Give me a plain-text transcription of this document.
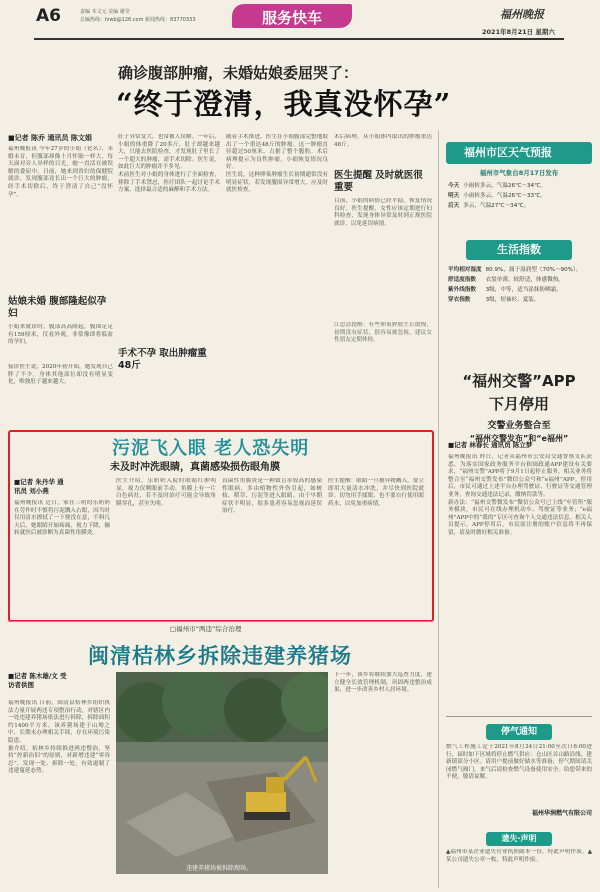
A6	责编 本文元 美编 谢莹
总编热线：fzwb@126.com 新闻热线：83770333	服务快车	福州晚报
2021年8月21日 星期六
确诊腹部肿瘤，未婚姑娘委屈哭了：
“终于澄清，我真没怀孕”
■记者 陈乔 通讯员 陈文娟
福州晚报讯 今年27岁的小娟（化名），未婚未育，但腹部却像十月怀胎一样大，每天面对旁人异样的目光，她一直活在被误解的委屈中。日前，她来到省妇幼保健院就诊，发现腹部竟长出一个巨大的肿瘤，经手术切除后，终于澄清了自己“没怀孕”。
姑娘未婚 腹部隆起似孕妇
小娟来就诊时，腹部高高隆起，腹围足足有159厘米，仅看外观，非常像即将临盆的孕妇。
接诊医生说，2020年初开始，她发现自己胖了不少，身体其他部位却没有明显变化，唯独肚子越来越大。
肚子异常变大，也常被人误解。一年后，小娟的体重降了20多斤，肚子却越来越大，只能去医院检查，才发现肚子里长了一个超大的肿瘤，需手术切除。医生说，如此巨大的肿瘤并不多见。
术前医生对小娟的身体进行了全面检查，排除了手术禁忌，医疗团队一起讨论手术方案，选择最合适的麻醉和手术方法。
手术不孕 取出肿瘤重48斤
随着手术推进，医生在小娟腹部完整地取出了一个重达48斤的肿瘤。这一肿瘤直径超过50厘米，占据了整个腹腔。术后病理提示为良性肿瘤，小娟恢复情况良好。
医生说，这种卵巢肿瘤生长初期通常没有明显症状，若发现腹围异常增大，应及时就医检查。
术后病理，从小娟体内取出的肿瘤重达48斤。
医生提醒 及时就医很重要
目前，小娟的病情已经平稳，恢复情况良好。医生提醒，女性应该定期进行妇科检查，发现身体异常及时到正规医院就诊，以免延误病情。
江忠清提醒：有些卵巢肿瘤生长缓慢，初期没有症状，很容易被忽视，建议女性朋友定期体检。
福州市区天气预报
福州市气象台8月17日发布
今天	小雨转多云，气温26℃～34℃。
明天	小雨转多云，气温26℃～33℃。
后天	多云，气温27℃～34℃。
生活指数
平均相对湿度	80.9%，属于湿润型（70%～90%）。
舒适度指数	衣裳单薄，较舒适，体感微热。
紫外线指数	3级，中等，适当涂抹防晒霜。
穿衣指数	3级，短袖衫、夏装。
“福州交警”APP
下月停用
交警业务整合至
“福州交警发布”和“e福州”
■记者 林春长 通讯员 陈立梦
福州晚报讯 昨日，记者从福州市公安局交通警察支队获悉，为落实国家政务服务平台和闽政通APP建设有关要求，“福州交警”APP将于9月1日起停止服务，相关业务将整合至“福州交警发布”微信公众号和“e福州”APP。停用后，市民可通过上述平台办理驾驶证、行驶证等交通管理业务，查询交通违法记录，缴纳罚款等。
新办法：“福州交警微发布”微信公众号已上线“车管所”服务模块，市民可在线办理机动车、驾驶证等业务；“e福州”APP中的“我的”专区可查询个人交通违法信息。相关人员提示，APP停用后，市民原注册的账户信息将不再保留，请及时做好相关准备。
污泥飞入眼 老人恐失明
未及时冲洗眼睛，真菌感染损伤眼角膜
■记者 朱丹华 通讯员 刘小燕
福州晚报讯 近日，家住三明的乐奶奶在劳作时不慎将污泥溅入右眼，因当时仅用清水擦拭了一下便没在意，不料几天后，她眼睛开始疼痛、视力下降，辗转就医后被诊断为真菌性角膜炎。
医生介绍，乐奶奶入院时眼睛红肿明显，视力仅剩眼前手动，角膜上有一片白色病灶，若不及时治疗可能会导致角膜穿孔，甚至失明。
真菌性角膜炎是一种致盲率较高的感染性眼病，多由植物性外伤引起，如树枝、稻草、污泥等进入眼睛。由于早期症状不明显，很多患者容易忽视而延误治疗。
医生提醒：眼睛一旦被异物溅入，要立即用大量清水冲洗，并尽快到医院就诊。切勿用手揉眼，也不要自行使用眼药水，以免加重病情。
□福州市“两违”综合治理
闽清桔林乡拆除违建养猪场
■记者 陈木雄/文 受访者供图
福州晚报讯 日前，闽清县桔林乡组织执法力量开展两违专项整治行动，对辖区内一处违建养猪场依法进行拆除，拆除面积约1400平方米。该养猪场建于山坳之中，长期未办理相关手续，存在环境污染隐患。
据介绍，桔林乡持续推进两违整治，坚持“控新治旧”的原则，对新增违建“零容忍”，发现一处、拆除一处，有效遏制了违建蔓延态势。
违建养猪场被拆除现场。
下一步，该乡将继续加大巡查力度，建立健全长效管理机制，巩固两违整治成果，进一步改善乡村人居环境。
停气通知
燃气工程施工定于2021年8月24日21:00至次日6:00进行，届时如下区域将停止燃气供应：仓山区首山路沿线、建新镇部分小区。请用户提前做好储水等准备，停气期间请关闭燃气阀门，来气后请检查燃气设备使用安全。给您带来的不便，敬请谅解。
福州华润燃气有限公司
遗失·声明
▲福州市某企业遗失营业执照副本一份，特此声明作废。▲某公司遗失公章一枚，特此声明作废。
